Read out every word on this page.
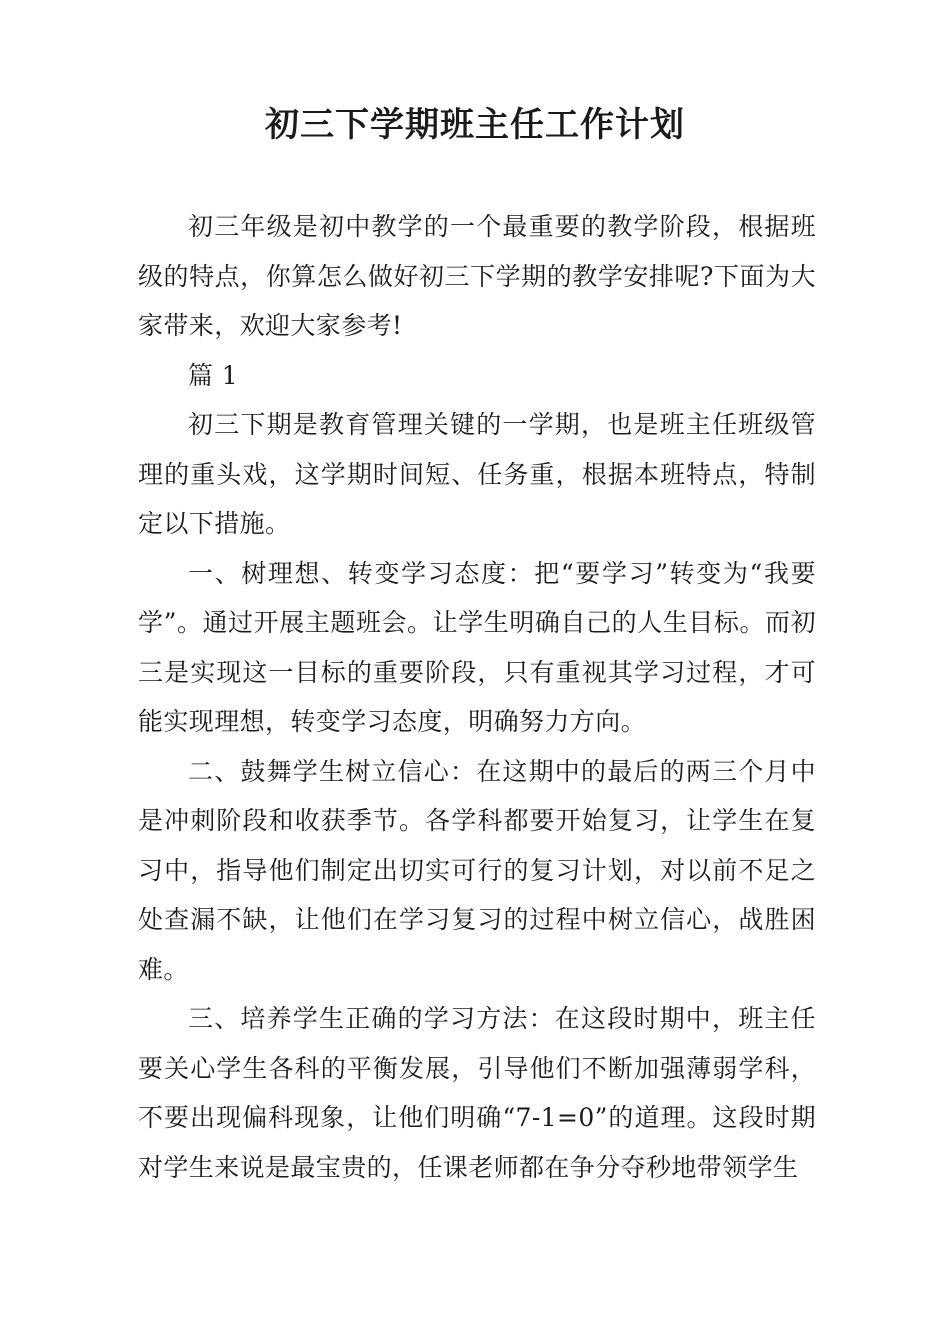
初三下学期班主任工作计划

初三年级是初中教学的一个最重要的教学阶段，根据班级的特点，你算怎么做好初三下学期的教学安排呢?下面为大家带来，欢迎大家参考!

篇 1

初三下期是教育管理关键的一学期，也是班主任班级管理的重头戏，这学期时间短、任务重，根据本班特点，特制定以下措施。

一、树理想、转变学习态度：把“要学习”转变为“我要学”。通过开展主题班会。让学生明确自己的人生目标。而初三是实现这一目标的重要阶段，只有重视其学习过程，才可能实现理想，转变学习态度，明确努力方向。

二、鼓舞学生树立信心：在这期中的最后的两三个月中是冲刺阶段和收获季节。各学科都要开始复习，让学生在复习中，指导他们制定出切实可行的复习计划，对以前不足之处查漏不缺，让他们在学习复习的过程中树立信心，战胜困难。

三、培养学生正确的学习方法：在这段时期中，班主任要关心学生各科的平衡发展，引导他们不断加强薄弱学科，不要出现偏科现象，让他们明确“7-1=0”的道理。这段时期对学生来说是最宝贵的，任课老师都在争分夺秒地带领学生
